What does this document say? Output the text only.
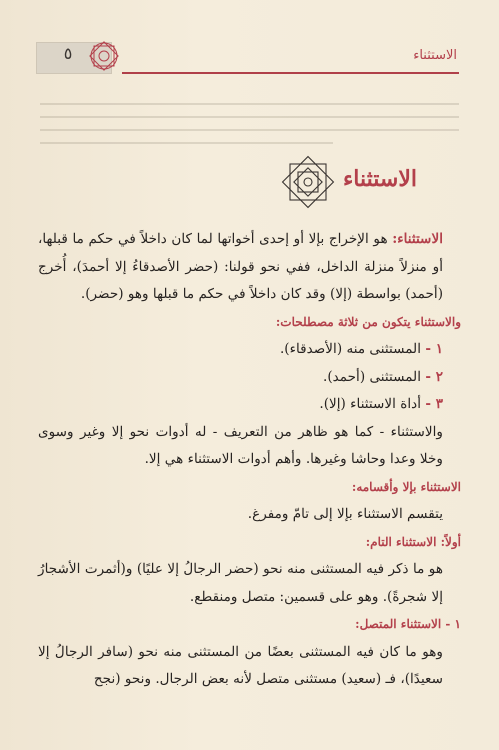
٥	الاستثناء
الاستثناء

الاستثناء: هو الإخراج بإلا أو إحدى أخواتها لما كان داخلاً في حكم ما قبلها، أو منزلاً منزلة الداخل، ففي نحو قولنا: (حضر الأصدقاءُ إلا أحمدَ)، أُخرج (أحمد) بواسطة (إلا) وقد كان داخلاً في حكم ما قبلها وهو (حضر).

والاستثناء يتكون من ثلاثة مصطلحات:

١ - المستثنى منه (الأصدقاء).

٢ - المستثنى (أحمد).

٣ - أداة الاستثناء (إلا).

والاستثناء - كما هو ظاهر من التعريف - له أدوات نحو إلا وغير وسوى وخلا وعدا وحاشا وغيرها. وأهم أدوات الاستثناء هي إلا.

الاستثناء بإلا وأقسامه:

يتقسم الاستثناء بإلا إلى تامّ ومفرغ.

أولاً: الاستثناء التام:

هو ما ذكر فيه المستثنى منه نحو (حضر الرجالُ إلا عليًا) و(أثمرت الأشجارُ إلا شجرةً). وهو على قسمين: متصل ومنقطع.

١ - الاستثناء المتصل:

وهو ما كان فيه المستثنى بعضًا من المستثنى منه نحو (سافر الرجالُ إلا سعيدًا)، فـ (سعيد) مستثنى متصل لأنه بعض الرجال. ونحو (نجح
